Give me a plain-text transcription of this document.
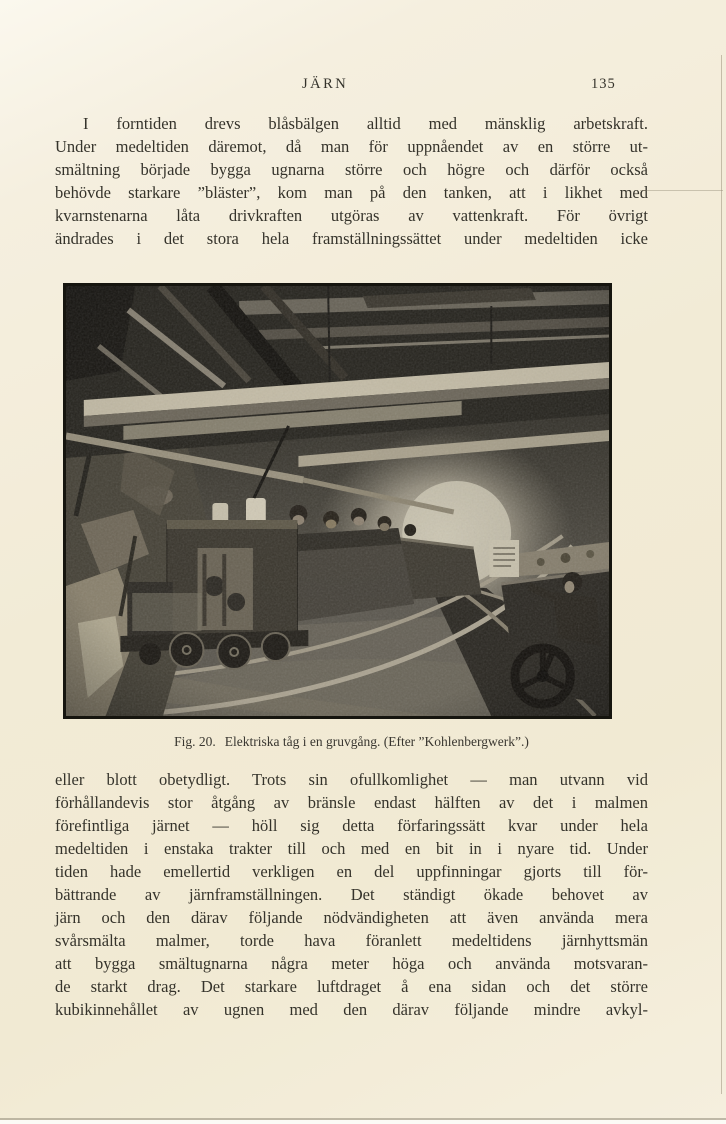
JÄRN	135
I forntiden drevs blåsbälgen alltid med mänsklig arbetskraft.
Under medeltiden däremot, då man för uppnåendet av en större ut-
smältning började bygga ugnarna större och högre och därför också
behövde starkare ”bläster”, kom man på den tanken, att i likhet med
kvarnstenarna låta drivkraften utgöras av vattenkraft. För övrigt
ändrades i det stora hela framställningssättet under medeltiden icke
Fig. 20. Elektriska tåg i en gruvgång. (Efter ”Kohlenbergwerk”.)
eller blott obetydligt. Trots sin ofullkomlighet — man utvann vid
förhållandevis stor åtgång av bränsle endast hälften av det i malmen
förefintliga järnet — höll sig detta förfaringssätt kvar under hela
medeltiden i enstaka trakter till och med en bit in i nyare tid. Under
tiden hade emellertid verkligen en del uppfinningar gjorts till för-
bättrande av järnframställningen. Det ständigt ökade behovet av
järn och den därav följande nödvändigheten att även använda mera
svårsmälta malmer, torde hava föranlett medeltidens järnhyttsmän
att bygga smältugnarna några meter höga och använda motsvaran-
de starkt drag. Det starkare luftdraget å ena sidan och det större
kubikinnehållet av ugnen med den därav följande mindre avkyl-
